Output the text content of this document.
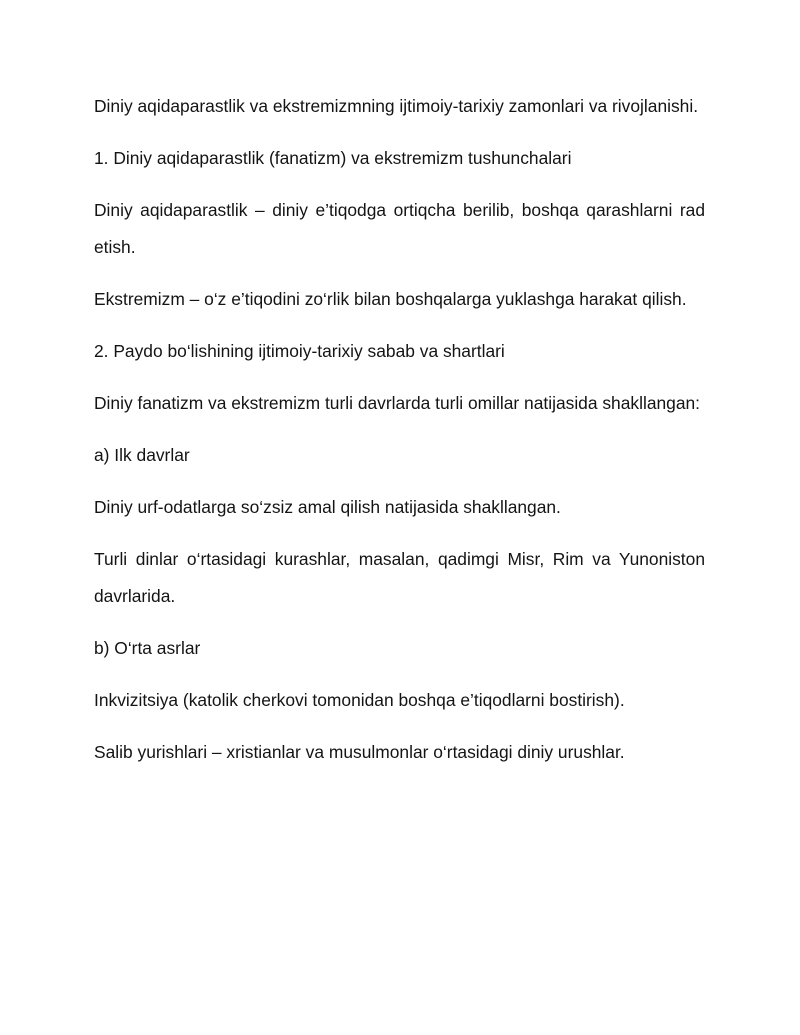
Diniy aqidaparastlik va ekstremizmning ijtimoiy-tarixiy zamonlari va rivojlanishi.

1. Diniy aqidaparastlik (fanatizm) va ekstremizm tushunchalari

Diniy aqidaparastlik – diniy e’tiqodga ortiqcha berilib, boshqa qarashlarni rad etish.

Ekstremizm – o‘z e’tiqodini zo‘rlik bilan boshqalarga yuklashga harakat qilish.

2. Paydo bo‘lishining ijtimoiy-tarixiy sabab va shartlari

Diniy fanatizm va ekstremizm turli davrlarda turli omillar natijasida shakllangan:

a) Ilk davrlar

Diniy urf-odatlarga so‘zsiz amal qilish natijasida shakllangan.

Turli dinlar o‘rtasidagi kurashlar, masalan, qadimgi Misr, Rim va Yunoniston davrlarida.

b) O‘rta asrlar

Inkvizitsiya (katolik cherkovi tomonidan boshqa e’tiqodlarni bostirish).

Salib yurishlari – xristianlar va musulmonlar o‘rtasidagi diniy urushlar.
